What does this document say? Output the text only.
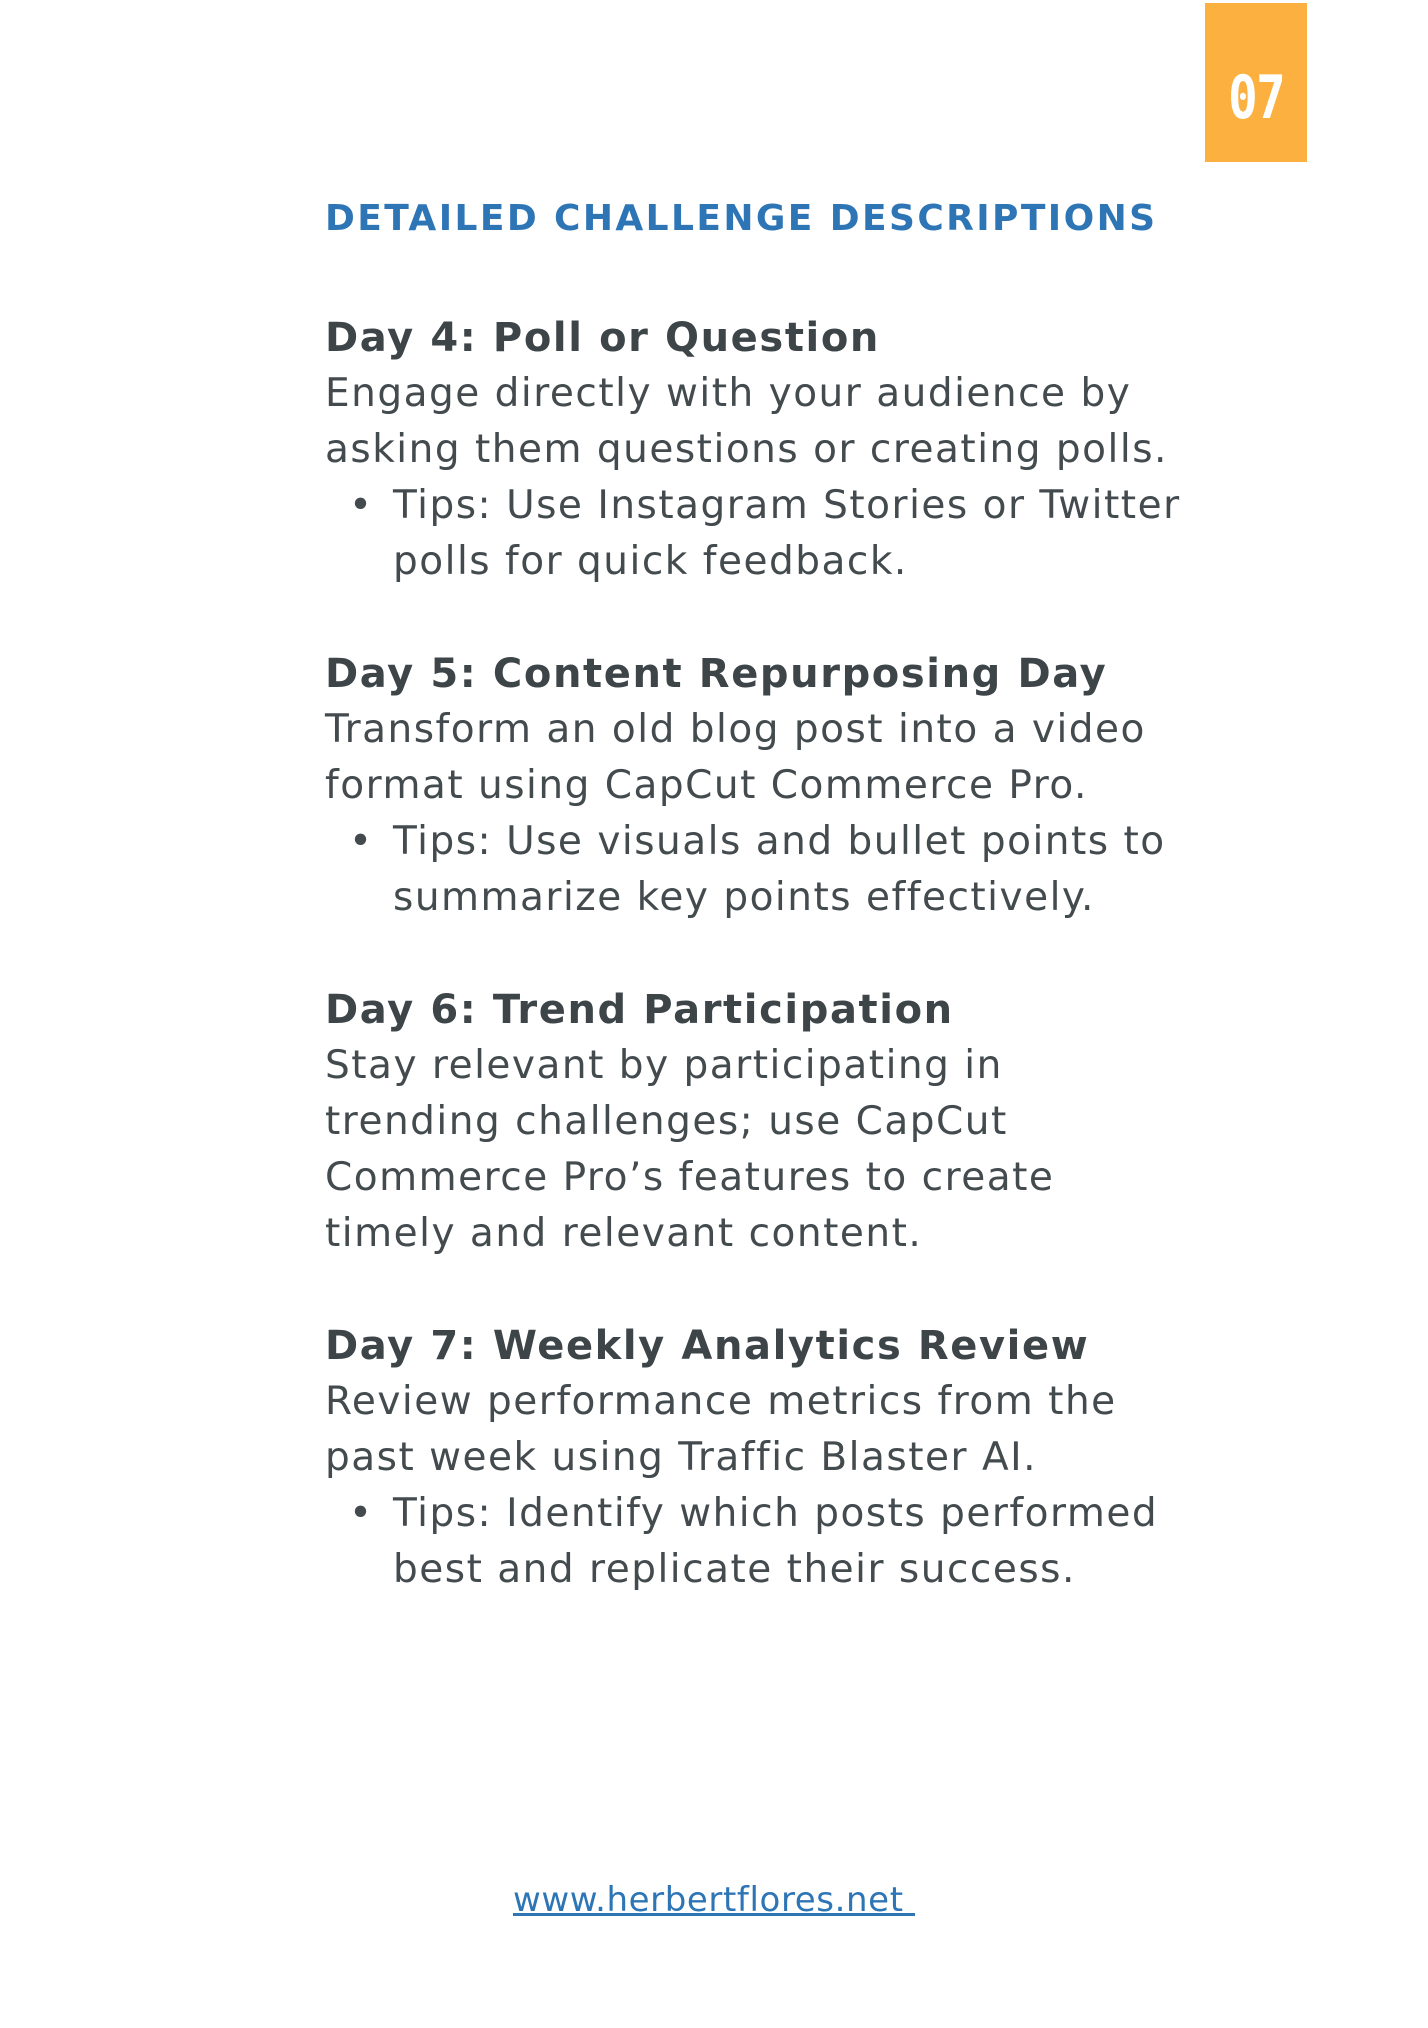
07
DETAILED CHALLENGE DESCRIPTIONS
Day 4: Poll or Question

Engage directly with your audience by asking them questions or creating polls.

• Tips: Use Instagram Stories or Twitter polls for quick feedback.
Day 5: Content Repurposing Day

Transform an old blog post into a video format using CapCut Commerce Pro.

• Tips: Use visuals and bullet points to summarize key points effectively.
Day 6: Trend Participation

Stay relevant by participating in trending challenges; use CapCut Commerce Pro’s features to create timely and relevant content.

Day 7: Weekly Analytics Review

Review performance metrics from the past week using Traffic Blaster AI.

• Tips: Identify which posts performed best and replicate their success.
www.herbertflores.net
